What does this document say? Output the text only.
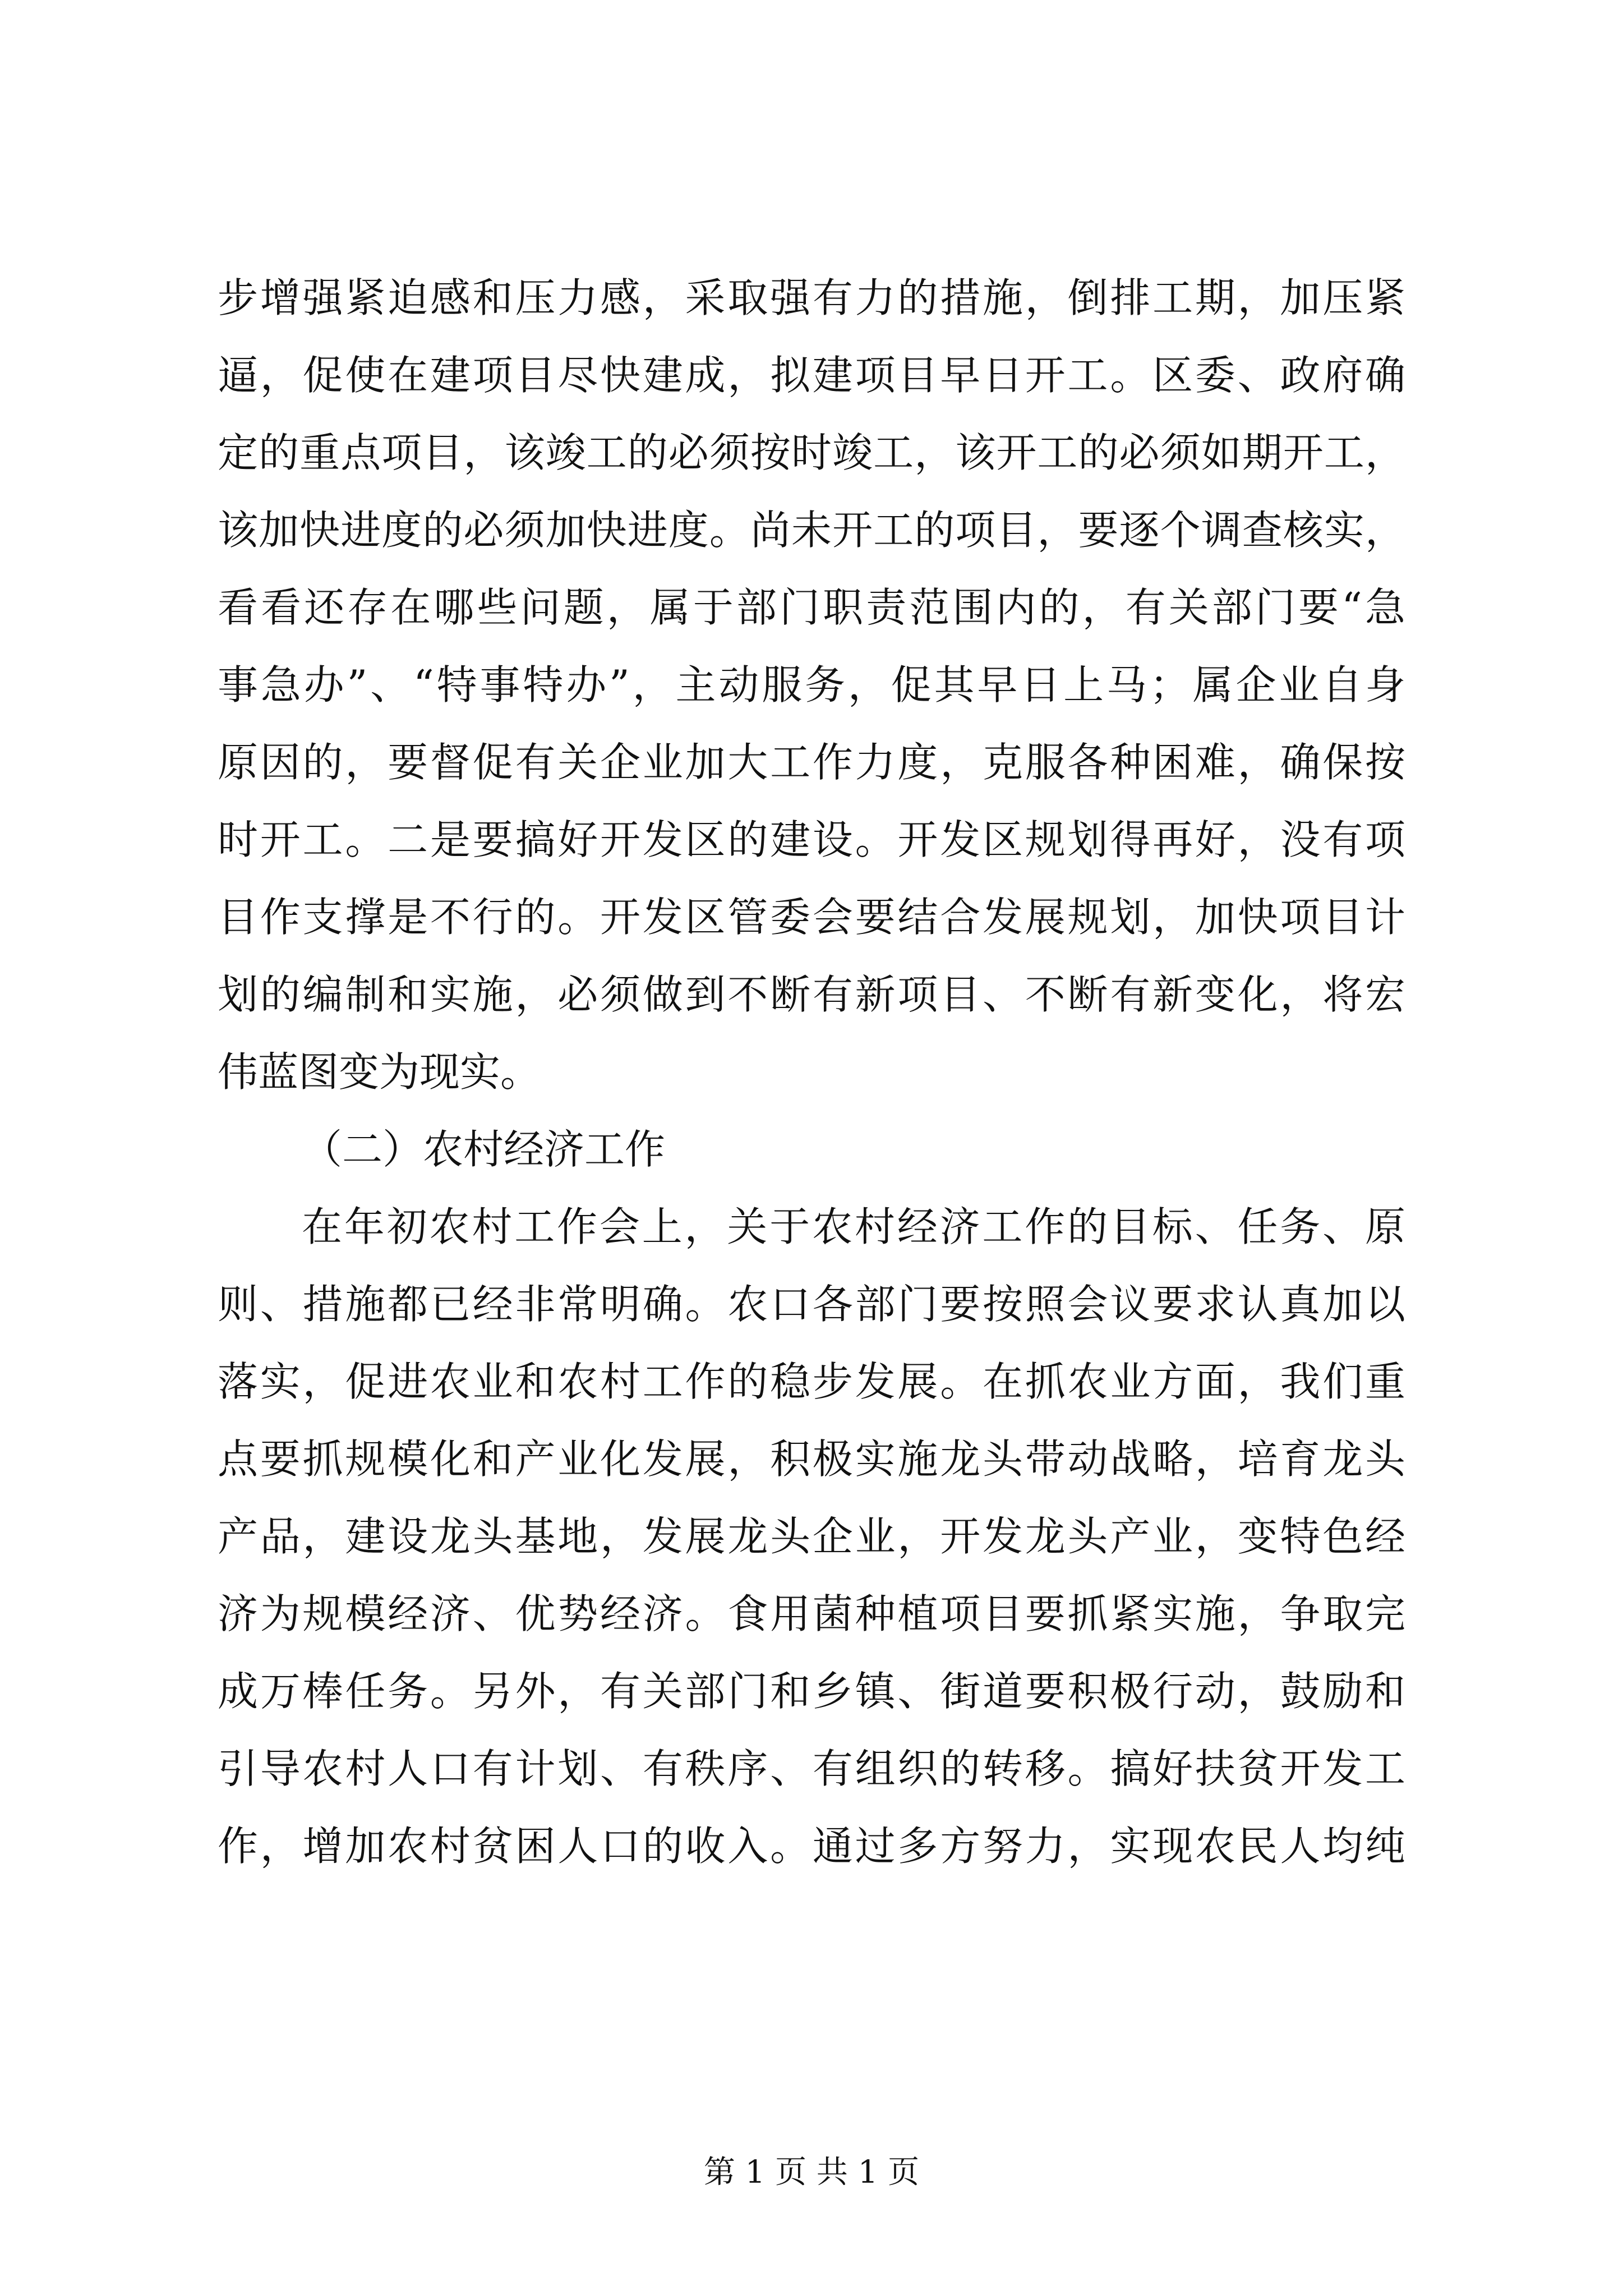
步增强紧迫感和压力感，采取强有力的措施，倒排工期，加压紧
逼，促使在建项目尽快建成，拟建项目早日开工。区委、政府确
定的重点项目，该竣工的必须按时竣工，该开工的必须如期开工，
该加快进度的必须加快进度。尚未开工的项目，要逐个调查核实，
看看还存在哪些问题，属于部门职责范围内的，有关部门要“急
事急办”、“特事特办”，主动服务，促其早日上马；属企业自身
原因的，要督促有关企业加大工作力度，克服各种困难，确保按
时开工。二是要搞好开发区的建设。开发区规划得再好，没有项
目作支撑是不行的。开发区管委会要结合发展规划，加快项目计
划的编制和实施，必须做到不断有新项目、不断有新变化，将宏
伟蓝图变为现实。
（二）农村经济工作
在年初农村工作会上，关于农村经济工作的目标、任务、原
则、措施都已经非常明确。农口各部门要按照会议要求认真加以
落实，促进农业和农村工作的稳步发展。在抓农业方面，我们重
点要抓规模化和产业化发展，积极实施龙头带动战略，培育龙头
产品，建设龙头基地，发展龙头企业，开发龙头产业，变特色经
济为规模经济、优势经济。食用菌种植项目要抓紧实施，争取完
成万棒任务。另外，有关部门和乡镇、街道要积极行动，鼓励和
引导农村人口有计划、有秩序、有组织的转移。搞好扶贫开发工
作，增加农村贫困人口的收入。通过多方努力，实现农民人均纯
第 1 页 共 1 页
